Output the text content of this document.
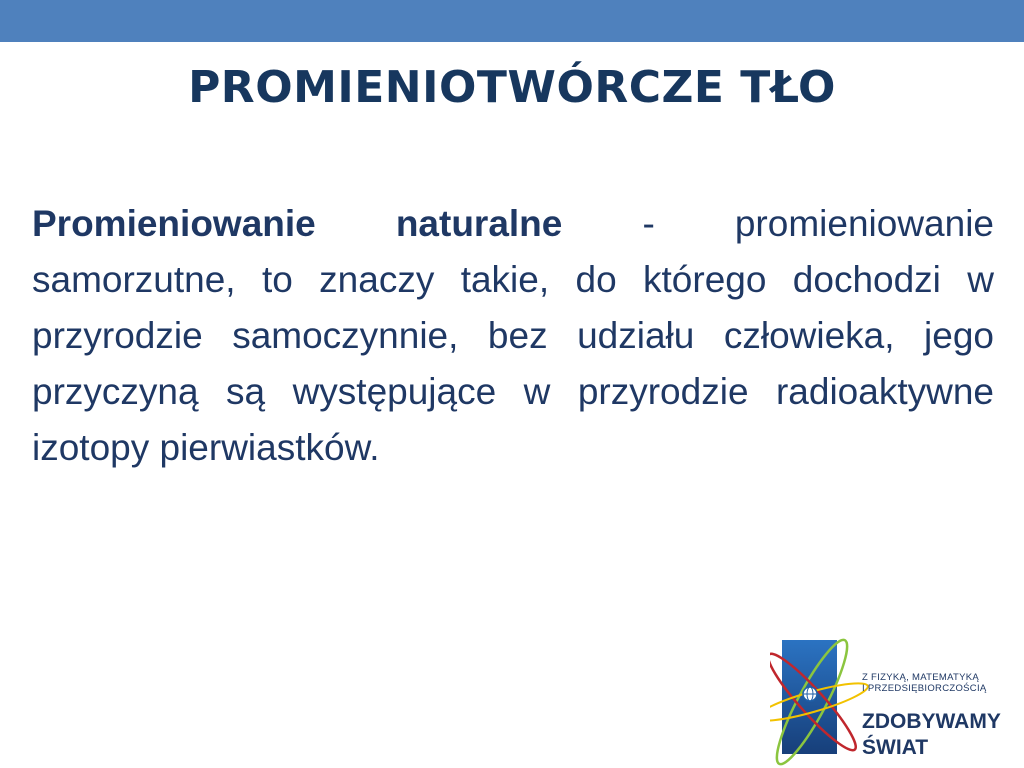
PROMIENIOTWÓRCZE TŁO
Promieniowanie naturalne - promieniowanie samorzutne, to znaczy takie, do którego dochodzi w przyrodzie samoczynnie, bez udziału człowieka, jego przyczyną są występujące w przyrodzie radioaktywne izotopy pierwiastków.
Z FIZYKĄ, MATEMATYKĄ
I PRZEDSIĘBIORCZOŚCIĄ
ZDOBYWAMY
ŚWIAT
